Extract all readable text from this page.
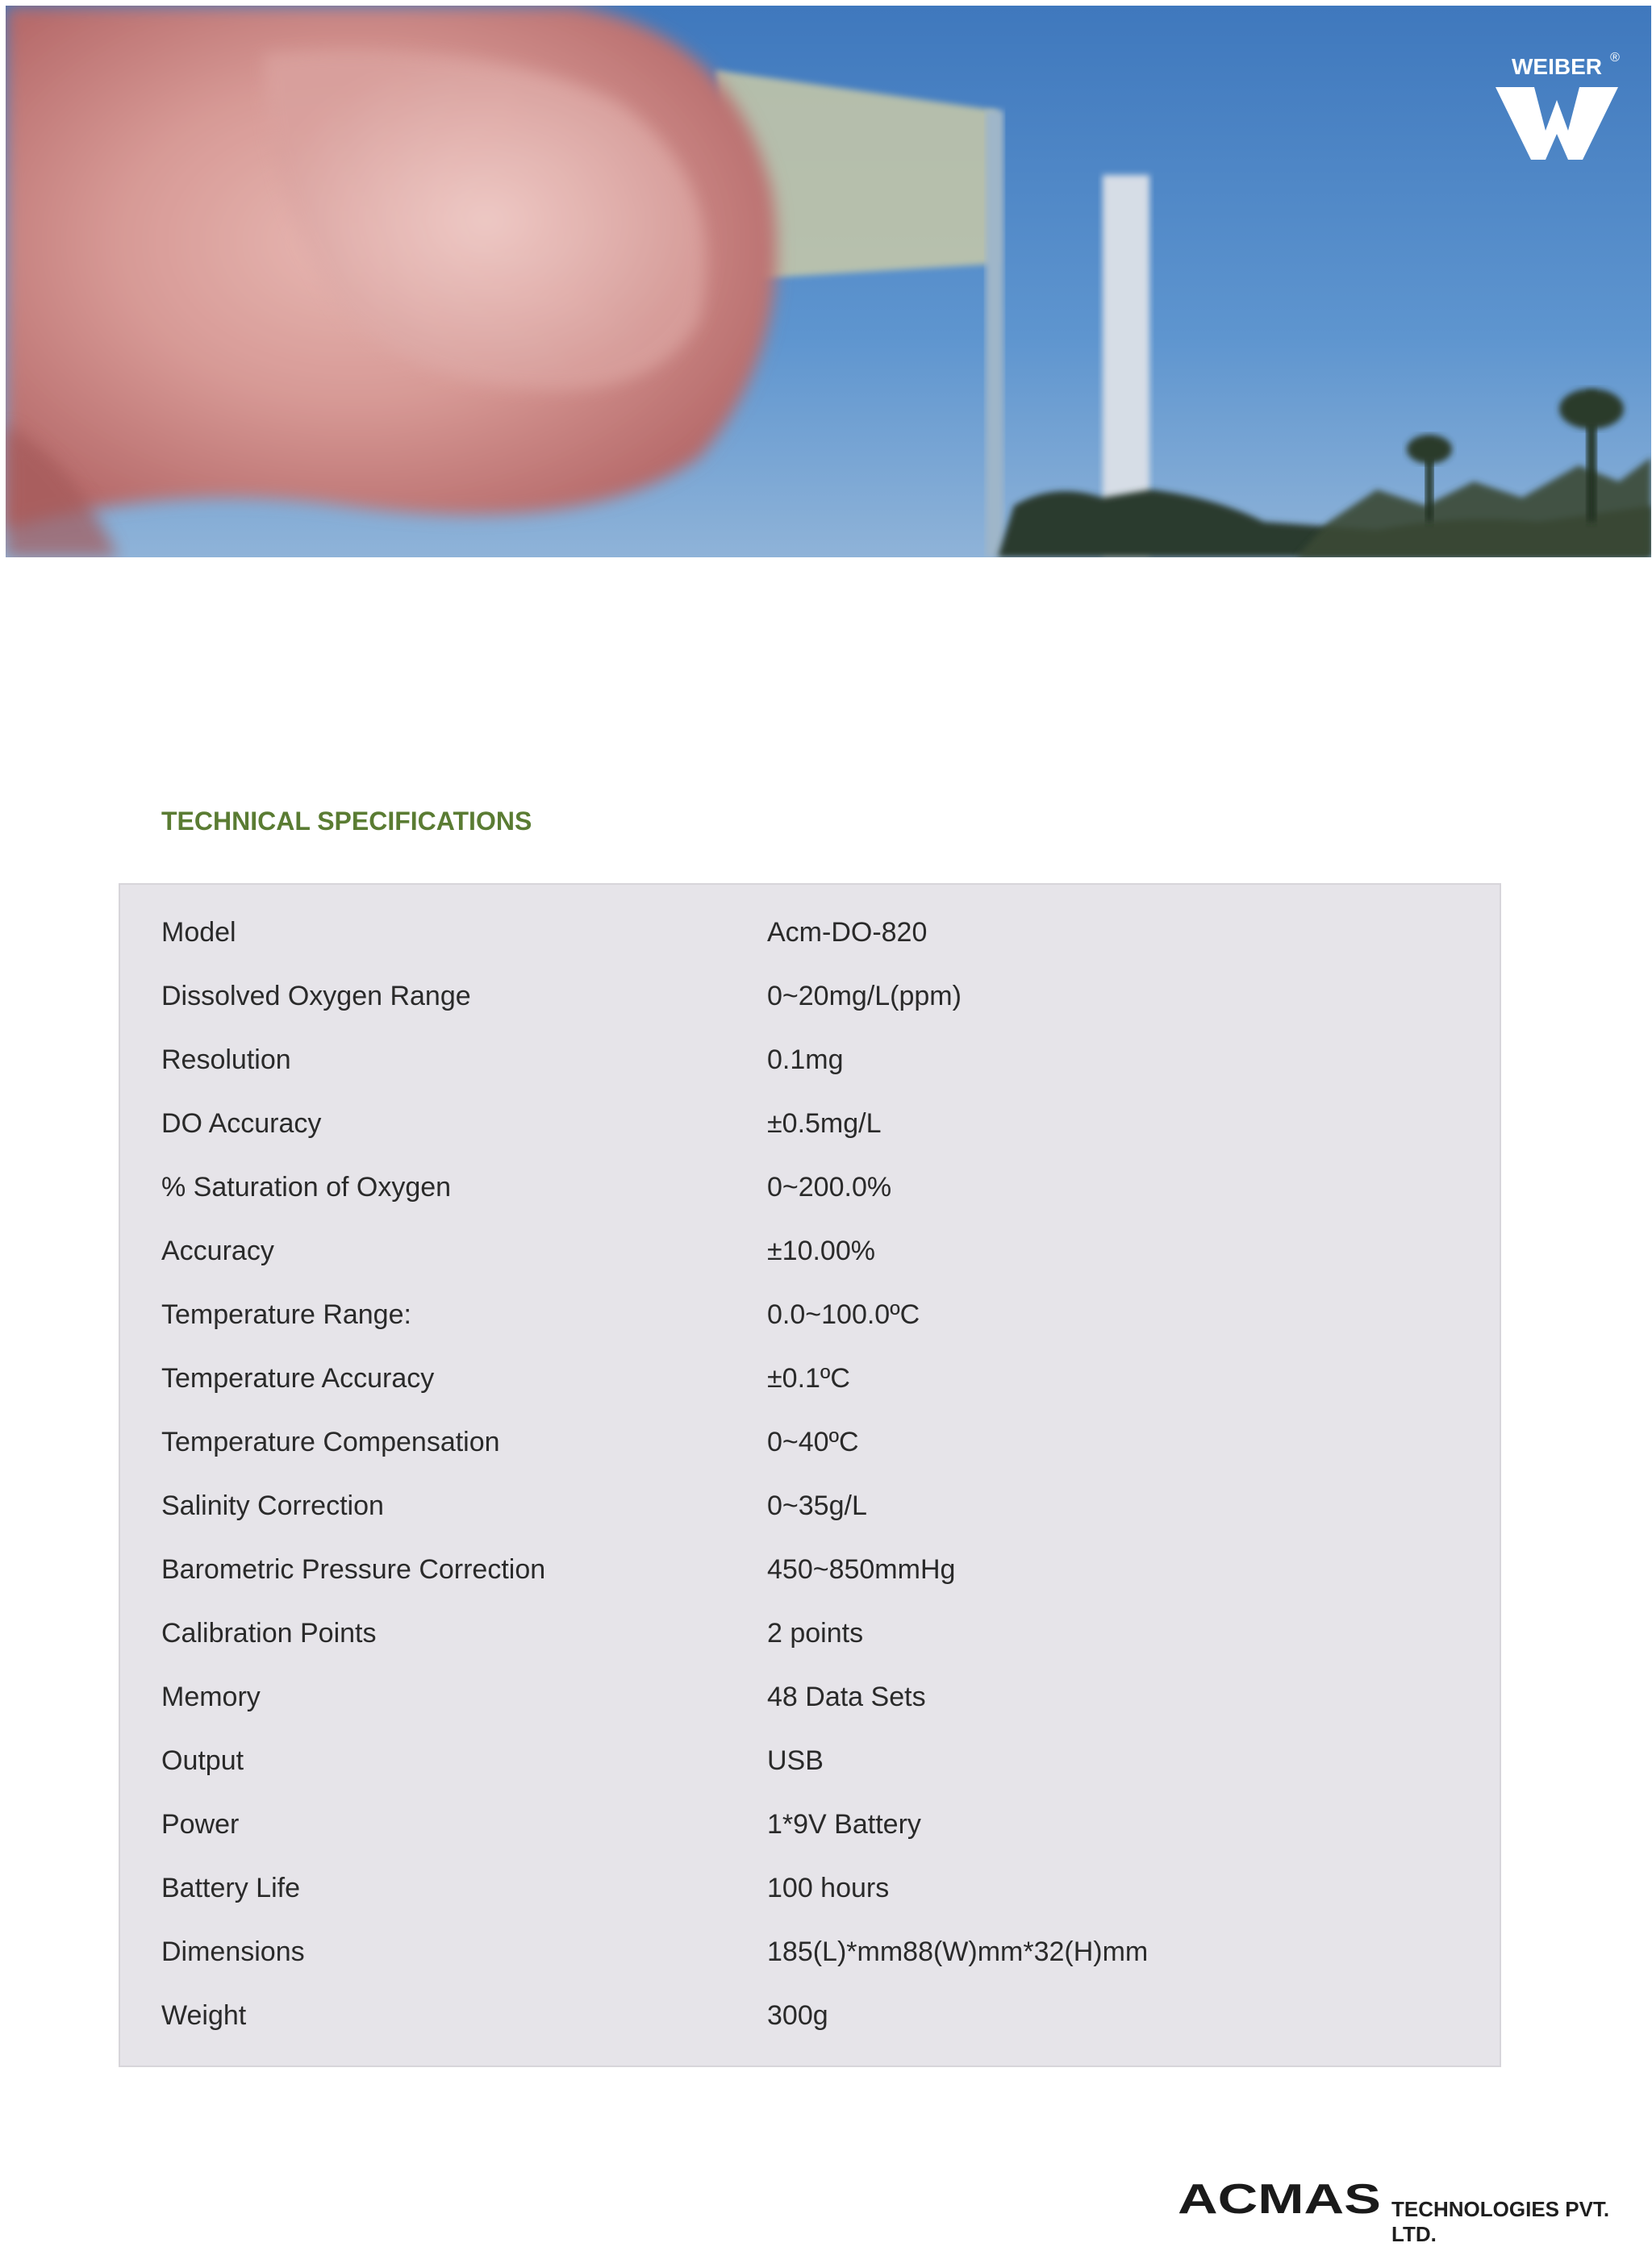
WEIBER ®
TECHNICAL SPECIFICATIONS
Model	Acm-DO-820
Dissolved Oxygen Range	0~20mg/L(ppm)
Resolution	0.1mg
DO Accuracy	±0.5mg/L
% Saturation of Oxygen	0~200.0%
Accuracy	±10.00%
Temperature Range:	0.0~100.0ºC
Temperature Accuracy	±0.1ºC
Temperature Compensation	0~40ºC
Salinity Correction	0~35g/L
Barometric Pressure Correction	450~850mmHg
Calibration Points	2 points
Memory	48 Data Sets
Output	USB
Power	1*9V Battery
Battery Life	100 hours
Dimensions	185(L)*mm88(W)mm*32(H)mm
Weight	300g
ACMAS TECHNOLOGIES PVT. LTD.
